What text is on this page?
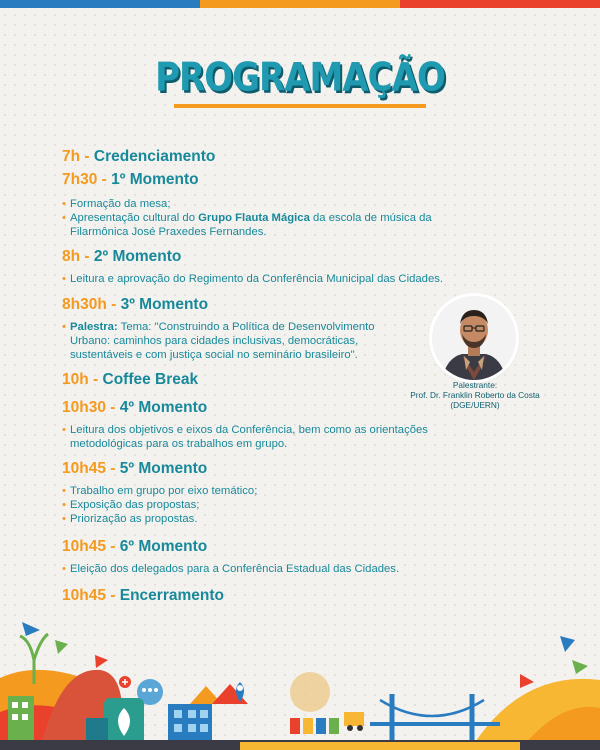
PROGRAMAÇÃO
7h - Credenciamento
7h30 - 1º Momento

• Formação da mesa;

• Apresentação cultural do Grupo Flauta Mágica da escola de música da
Filarmônica José Praxedes Fernandes.

8h - 2º Momento

• Leitura e aprovação do Regimento da Conferência Municipal das Cidades.

8h30h - 3º Momento

• Palestra: Tema: "Construindo a Política de Desenvolvimento
Urbano: caminhos para cidades inclusivas, democráticas,
sustentáveis e com justiça social no seminário brasileiro".

10h - Coffee Break
10h30 - 4º Momento

• Leitura dos objetivos e eixos da Conferência, bem como as orientações
metodológicas para os trabalhos em grupo.

10h45 - 5º Momento

• Trabalho em grupo por eixo temático;

• Exposição das propostas;

• Priorização as propostas.

10h45 - 6º Momento

• Eleição dos delegados para a Conferência Estadual das Cidades.

10h45 - Encerramento
Palestrante:
Prof. Dr. Franklin Roberto da Costa
(DGE/UERN)
